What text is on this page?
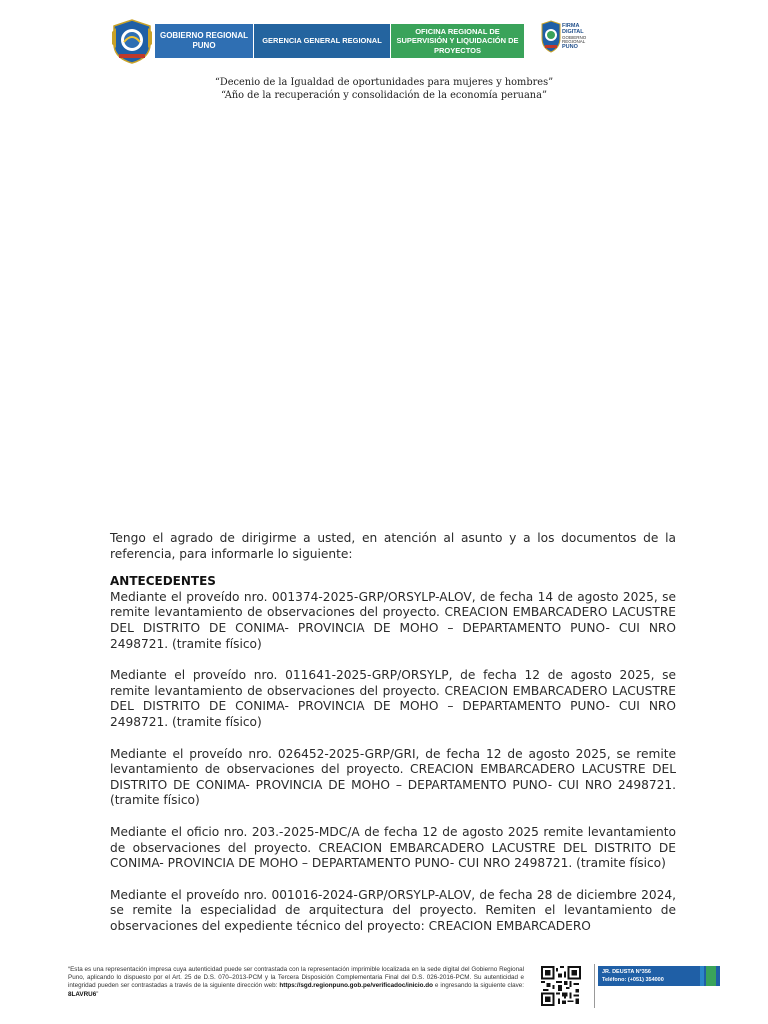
GOBIERNO REGIONAL PUNO
GERENCIA GENERAL REGIONAL
OFICINA REGIONAL DE SUPERVISIÓN Y LIQUIDACIÓN DE PROYECTOS
FIRMA
DIGITAL
GOBIERNO REGIONAL
PUNO
“Decenio de la Igualdad de oportunidades para mujeres y hombres”
“Año de la recuperación y consolidación de la economía peruana”

Tengo el agrado de dirigirme a usted, en atención al asunto y a los documentos de la referencia, para informarle lo siguiente:

ANTECEDENTES

Mediante el proveído nro. 001374-2025-GRP/ORSYLP-ALOV, de fecha 14 de agosto 2025, se remite levantamiento de observaciones del proyecto. CREACION EMBARCADERO LACUSTRE DEL DISTRITO DE CONIMA- PROVINCIA DE MOHO – DEPARTAMENTO PUNO- CUI NRO 2498721. (tramite físico)

Mediante el proveído nro. 011641-2025-GRP/ORSYLP, de fecha 12 de agosto 2025, se remite levantamiento de observaciones del proyecto. CREACION EMBARCADERO LACUSTRE DEL DISTRITO DE CONIMA- PROVINCIA DE MOHO – DEPARTAMENTO PUNO- CUI NRO 2498721. (tramite físico)

Mediante el proveído nro. 026452-2025-GRP/GRI, de fecha 12 de agosto 2025, se remite levantamiento de observaciones del proyecto. CREACION EMBARCADERO LACUSTRE DEL DISTRITO DE CONIMA- PROVINCIA DE MOHO – DEPARTAMENTO PUNO- CUI NRO 2498721. (tramite físico)

Mediante el oficio nro. 203.-2025-MDC/A de fecha 12 de agosto 2025 remite levantamiento de observaciones del proyecto. CREACION EMBARCADERO LACUSTRE DEL DISTRITO DE CONIMA- PROVINCIA DE MOHO – DEPARTAMENTO PUNO- CUI NRO 2498721. (tramite físico)

Mediante el proveído nro. 001016-2024-GRP/ORSYLP-ALOV, de fecha 28 de diciembre 2024, se remite la especialidad de arquitectura del proyecto. Remiten el levantamiento de observaciones del expediente técnico del proyecto: CREACION EMBARCADERO

“Esta es una representación impresa cuya autenticidad puede ser contrastada con la representación imprimible localizada en la sede digital del Gobierno Regional Puno, aplicando lo dispuesto por el Art. 25 de D.S. 070–2013-PCM y la Tercera Disposición Complementaria Final del D.S. 026-2016-PCM. Su autenticidad e integridad pueden ser contrastadas a través de la siguiente dirección web: https://sgd.regionpuno.gob.pe/verificadoc/inicio.do e ingresando la siguiente clave: 8LAVRU6”
JR. DEUSTA N°356
Teléfono: (+051) 354000
